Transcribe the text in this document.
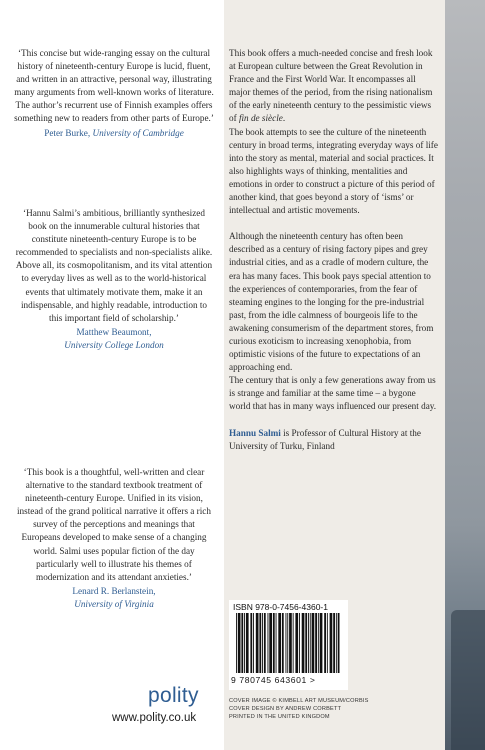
‘This concise but wide-ranging essay on the cultural history of nineteenth-century Europe is lucid, fluent, and written in an attractive, personal way, illustrating many arguments from well-known works of literature. The author’s recurrent use of Finnish examples offers something new to readers from other parts of Europe.’

Peter Burke, University of Cambridge

‘Hannu Salmi’s ambitious, brilliantly synthesized book on the innumerable cultural histories that constitute nineteenth-century Europe is to be recommended to specialists and non-specialists alike. Above all, its cosmopolitanism, and its vital attention to everyday lives as well as to the world-historical events that ultimately motivate them, make it an indispensable, and highly readable, introduction to this important field of scholarship.’

Matthew Beaumont,

University College London

‘This book is a thoughtful, well-written and clear alternative to the standard textbook treatment of nineteenth-century Europe. Unified in its vision, instead of the grand political narrative it offers a rich survey of the perceptions and meanings that Europeans developed to make sense of a changing world. Salmi uses popular fiction of the day particularly well to illustrate his themes of modernization and its attendant anxieties.’

Lenard R. Berlanstein,

University of Virginia

This book offers a much-needed concise and fresh look at European culture between the Great Revolution in France and the First World War. It encompasses all major themes of the period, from the rising nationalism of the early nineteenth century to the pessimistic views of fin de siècle.

The book attempts to see the culture of the nineteenth century in broad terms, integrating everyday ways of life into the story as mental, material and social practices. It also highlights ways of thinking, mentalities and emotions in order to construct a picture of this period of another kind, that goes beyond a story of ‘isms’ or intellectual and artistic movements.

Although the nineteenth century has often been described as a century of rising factory pipes and grey industrial cities, and as a cradle of modern culture, the era has many faces. This book pays special attention to the experiences of contemporaries, from the fear of steaming engines to the longing for the pre-industrial past, from the idle calmness of bourgeois life to the awakening consumerism of the department stores, from curious exoticism to increasing xenophobia, from optimistic visions of the future to expectations of an approaching end.

The century that is only a few generations away from us is strange and familiar at the same time – a bygone world that has in many ways influenced our present day.

Hannu Salmi is Professor of Cultural History at the University of Turku, Finland

ISBN 978-0-7456-4360-1
9 780745 643601 >
COVER IMAGE © KIMBELL ART MUSEUM/CORBIS
COVER DESIGN BY ANDREW CORBETT
PRINTED IN THE UNITED KINGDOM
polity
www.polity.co.uk
